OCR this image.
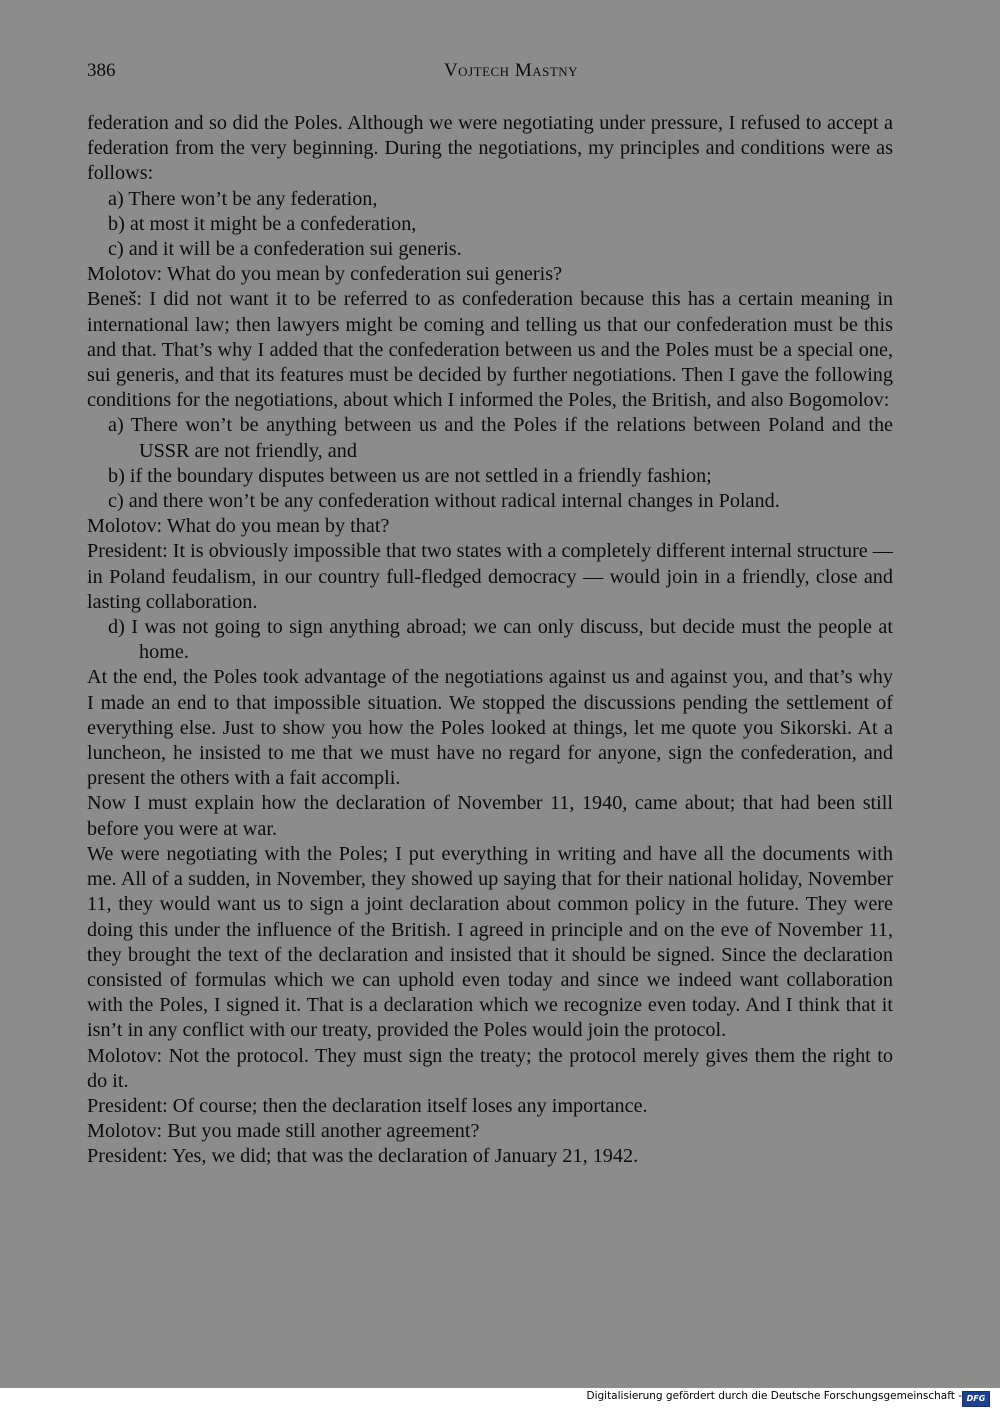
386	Vojtech Mastny

federation and so did the Poles. Although we were negotiating under pressure, I refused to accept a federation from the very beginning. During the negotiations, my principles and conditions were as follows:

a) There won’t be any federation,

b) at most it might be a confederation,

c) and it will be a confederation sui generis.

Molotov: What do you mean by confederation sui generis?

Beneš: I did not want it to be referred to as confederation because this has a certain meaning in international law; then lawyers might be coming and telling us that our confederation must be this and that. That’s why I added that the confederation between us and the Poles must be a special one, sui generis, and that its features must be decided by further negotiations. Then I gave the following conditions for the negotiations, about which I informed the Poles, the British, and also Bogomolov:

a) There won’t be anything between us and the Poles if the relations between Poland and the USSR are not friendly, and

b) if the boundary disputes between us are not settled in a friendly fashion;

c) and there won’t be any confederation without radical internal changes in Poland.

Molotov: What do you mean by that?

President: It is obviously impossible that two states with a completely different internal structure — in Poland feudalism, in our country full-fledged democracy — would join in a friendly, close and lasting collaboration.

d) I was not going to sign anything abroad; we can only discuss, but decide must the people at home.

At the end, the Poles took advantage of the negotiations against us and against you, and that’s why I made an end to that impossible situation. We stopped the discussions pending the settlement of everything else. Just to show you how the Poles looked at things, let me quote you Sikorski. At a luncheon, he insisted to me that we must have no regard for anyone, sign the confederation, and present the others with a fait accompli.

Now I must explain how the declaration of November 11, 1940, came about; that had been still before you were at war.

We were negotiating with the Poles; I put everything in writing and have all the documents with me. All of a sudden, in November, they showed up saying that for their national holiday, November 11, they would want us to sign a joint declaration about common policy in the future. They were doing this under the influence of the British. I agreed in principle and on the eve of November 11, they brought the text of the declaration and insisted that it should be signed. Since the declaration consisted of formulas which we can uphold even today and since we indeed want collaboration with the Poles, I signed it. That is a declaration which we recognize even today. And I think that it isn’t in any conflict with our treaty, provided the Poles would join the protocol.

Molotov: Not the protocol. They must sign the treaty; the protocol merely gives them the right to do it.

President: Of course; then the declaration itself loses any importance.

Molotov: But you made still another agreement?

President: Yes, we did; that was the declaration of January 21, 1942.

Digitalisierung gefördert durch die Deutsche Forschungsgemeinschaft - DFG
